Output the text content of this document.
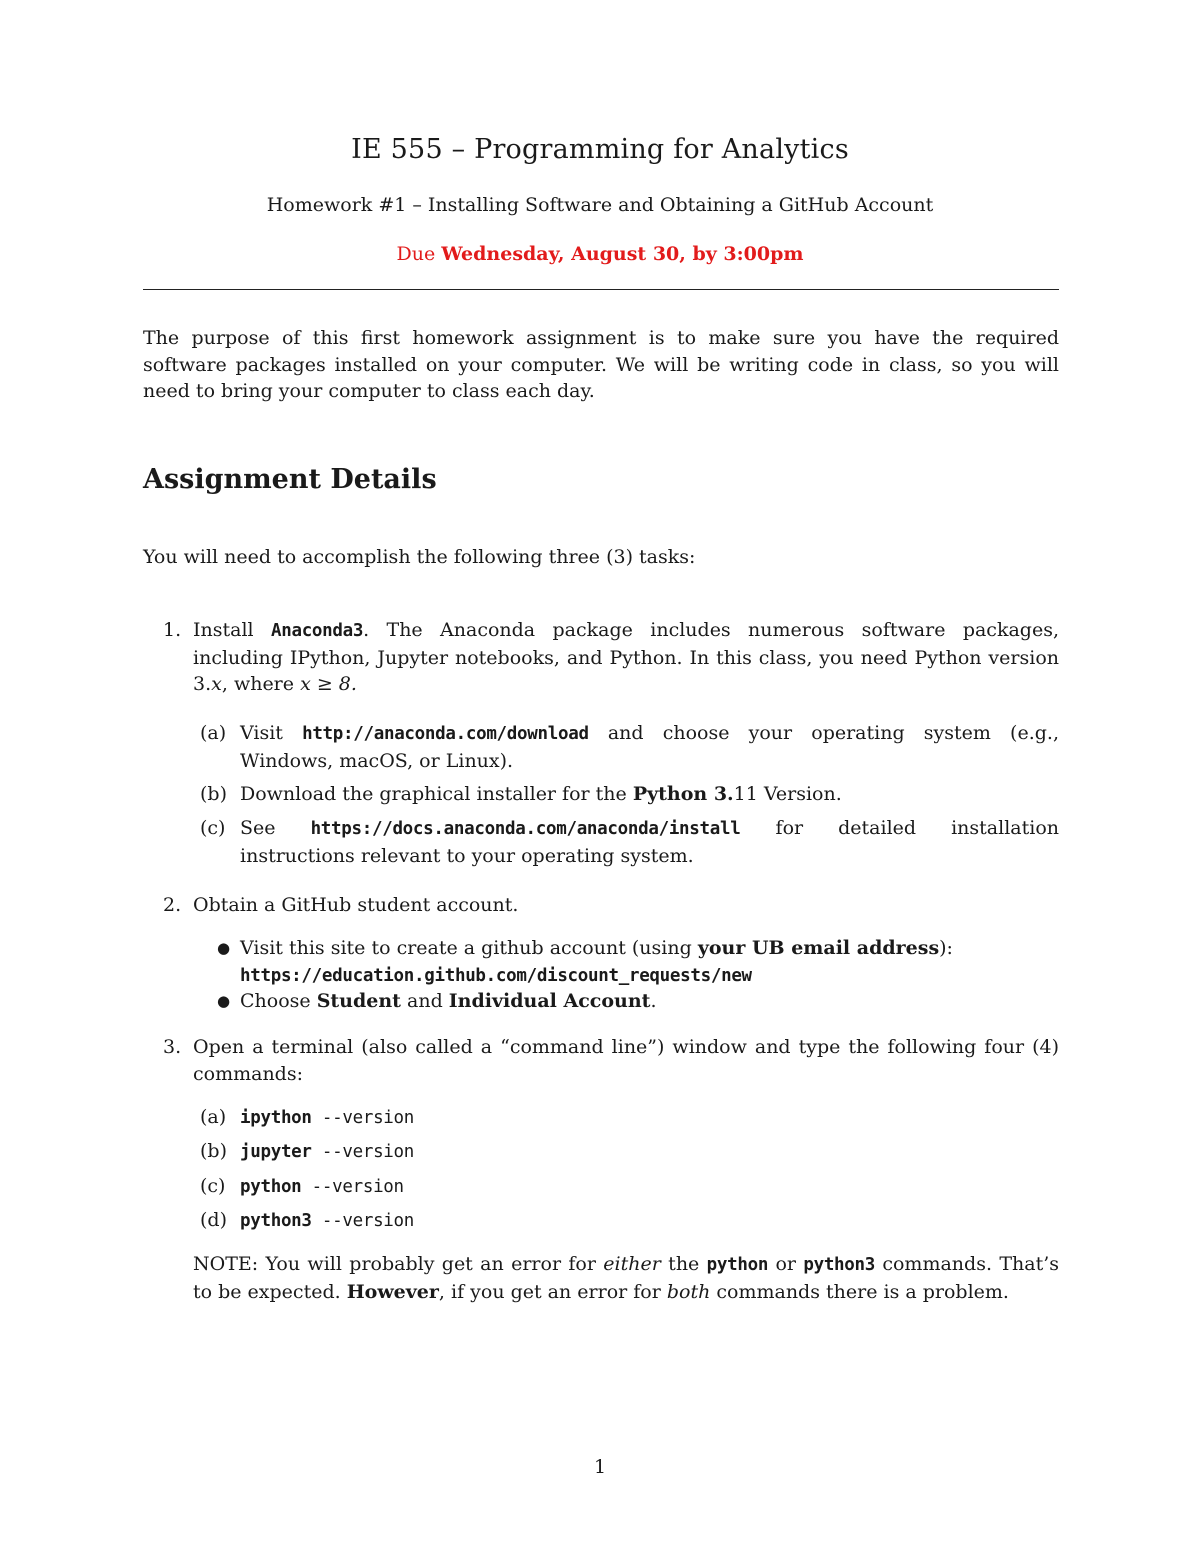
IE 555 – Programming for Analytics
Homework #1 – Installing Software and Obtaining a GitHub Account
Due Wednesday, August 30, by 3:00pm
The purpose of this first homework assignment is to make sure you have the required software packages installed on your computer. We will be writing code in class, so you will need to bring your computer to class each day.
Assignment Details
You will need to accomplish the following three (3) tasks:
1. Install Anaconda3. The Anaconda package includes numerous software packages, including IPython, Jupyter notebooks, and Python. In this class, you need Python version 3.x, where x ≥ 8.
(a) Visit http://anaconda.com/download and choose your operating system (e.g., Windows, macOS, or Linux).
(b) Download the graphical installer for the Python 3.11 Version.
(c) See https://docs.anaconda.com/anaconda/install for detailed installation instructions relevant to your operating system.
2. Obtain a GitHub student account.
● Visit this site to create a github account (using your UB email address):
https://education.github.com/discount_requests/new
● Choose Student and Individual Account.
3. Open a terminal (also called a “command line”) window and type the following four (4) commands:
(a) ipython --version
(b) jupyter --version
(c) python --version
(d) python3 --version
NOTE: You will probably get an error for either the python or python3 commands. That’s to be expected. However, if you get an error for both commands there is a problem.
1
